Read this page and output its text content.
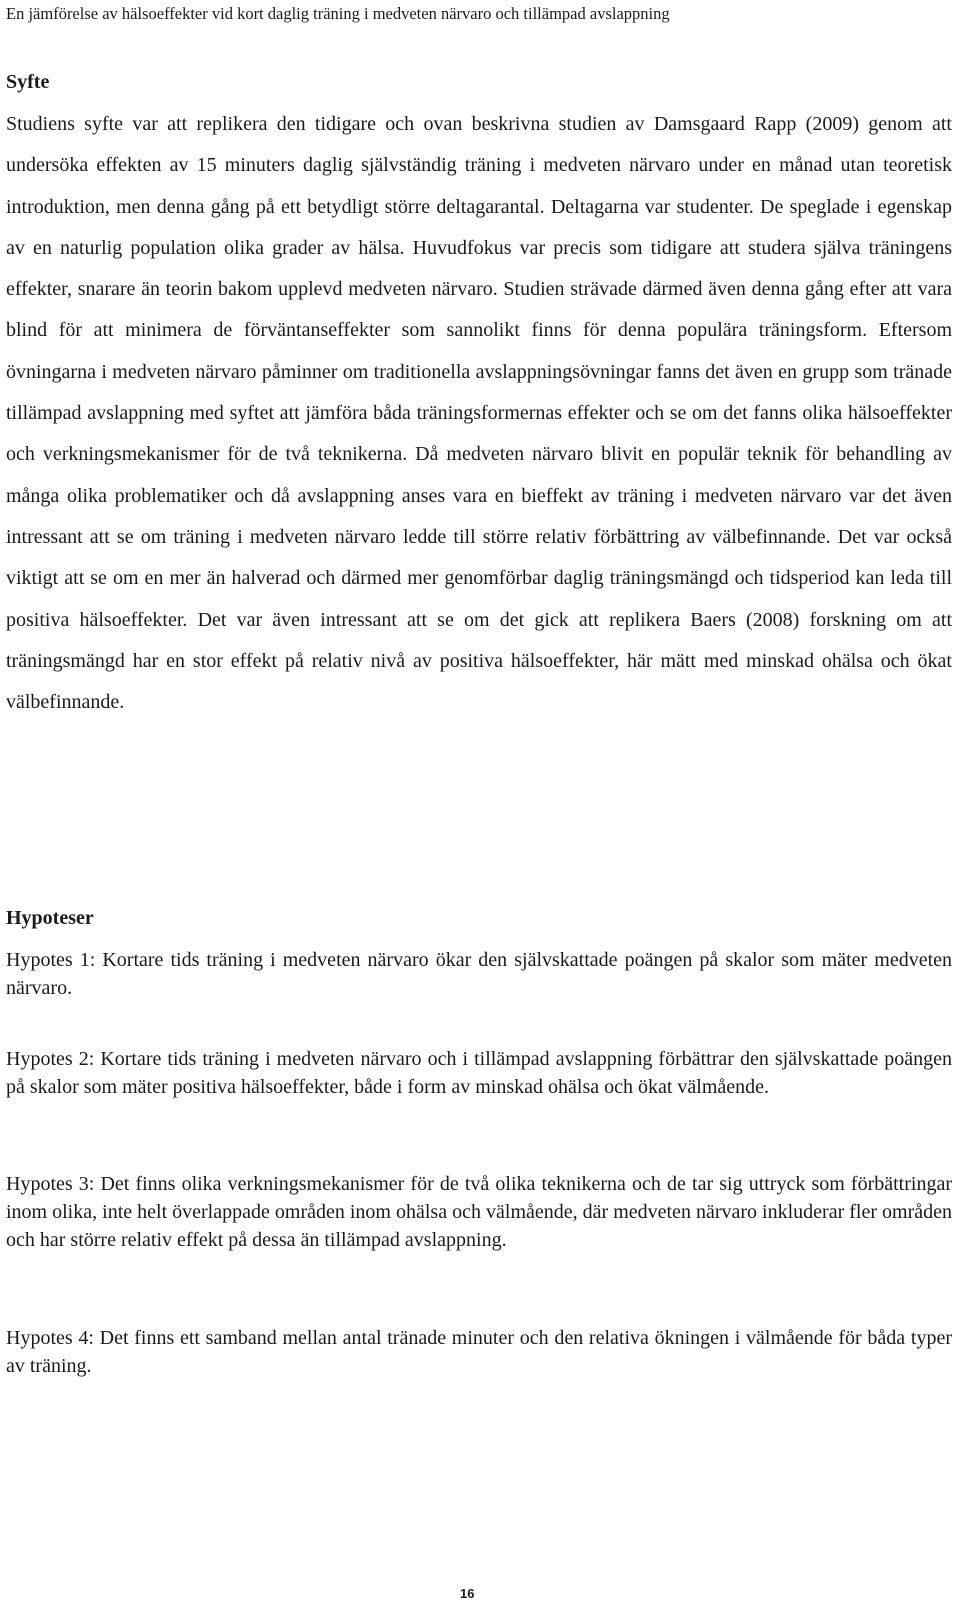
En jämförelse av hälsoeffekter vid kort daglig träning i medveten närvaro och tillämpad avslappning
Syfte

Studiens syfte var att replikera den tidigare och ovan beskrivna studien av Damsgaard Rapp (2009) genom att undersöka effekten av 15 minuters daglig självständig träning i medveten närvaro under en månad utan teoretisk introduktion, men denna gång på ett betydligt större deltagarantal. Deltagarna var studenter. De speglade i egenskap av en naturlig population olika grader av hälsa. Huvudfokus var precis som tidigare att studera själva träningens effekter, snarare än teorin bakom upplevd medveten närvaro. Studien strävade därmed även denna gång efter att vara blind för att minimera de förväntanseffekter som sannolikt finns för denna populära träningsform. Eftersom övningarna i medveten närvaro påminner om traditionella avslappningsövningar fanns det även en grupp som tränade tillämpad avslappning med syftet att jämföra båda träningsformernas effekter och se om det fanns olika hälsoeffekter och verkningsmekanismer för de två teknikerna. Då medveten närvaro blivit en populär teknik för behandling av många olika problematiker och då avslappning anses vara en bieffekt av träning i medveten närvaro var det även intressant att se om träning i medveten närvaro ledde till större relativ förbättring av välbefinnande. Det var också viktigt att se om en mer än halverad och därmed mer genomförbar daglig träningsmängd och tidsperiod kan leda till positiva hälsoeffekter. Det var även intressant att se om det gick att replikera Baers (2008) forskning om att träningsmängd har en stor effekt på relativ nivå av positiva hälsoeffekter, här mätt med minskad ohälsa och ökat välbefinnande.

Hypoteser

Hypotes 1: Kortare tids träning i medveten närvaro ökar den självskattade poängen på skalor som mäter medveten närvaro.

Hypotes 2: Kortare tids träning i medveten närvaro och i tillämpad avslappning förbättrar den självskattade poängen på skalor som mäter positiva hälsoeffekter, både i form av minskad ohälsa och ökat välmående.

Hypotes 3: Det finns olika verkningsmekanismer för de två olika teknikerna och de tar sig uttryck som förbättringar inom olika, inte helt överlappade områden inom ohälsa och välmående, där medveten närvaro inkluderar fler områden och har större relativ effekt på dessa än tillämpad avslappning.

Hypotes 4: Det finns ett samband mellan antal tränade minuter och den relativa ökningen i välmående för båda typer av träning.

16
